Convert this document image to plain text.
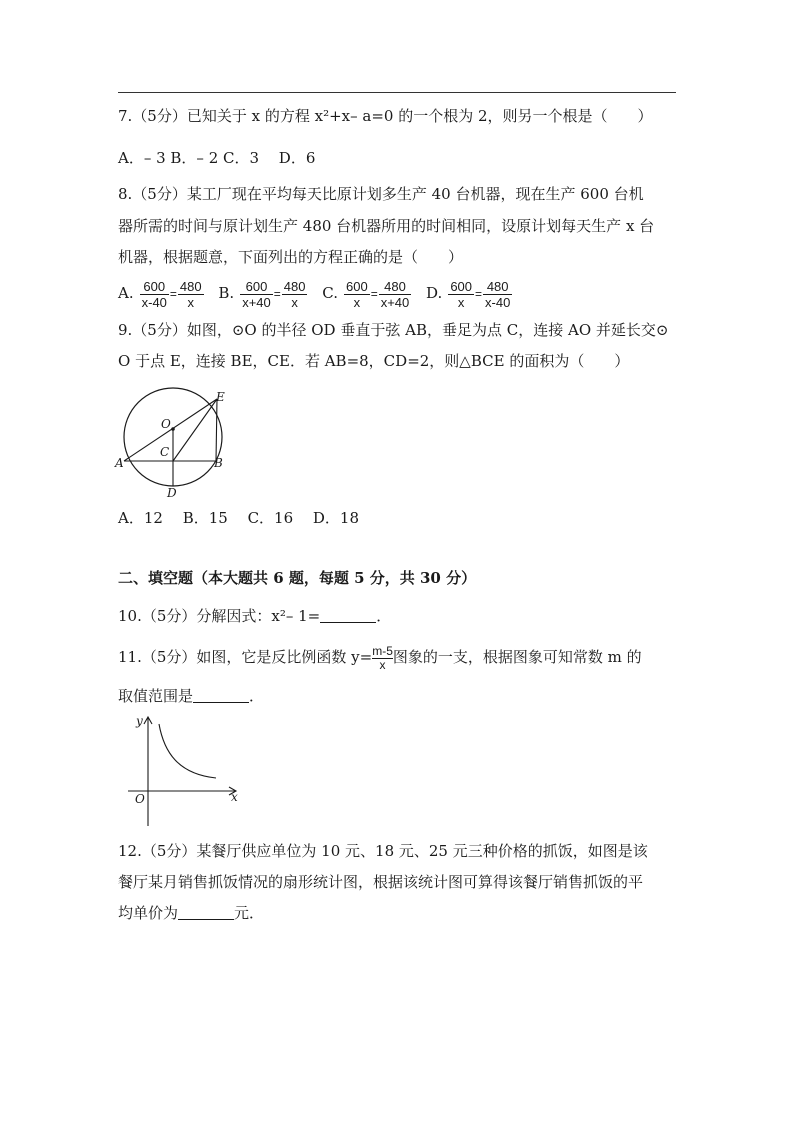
7.（5分）已知关于 x 的方程 x²+x– a=0 的一个根为 2，则另一个根是（　　）
A．– 3 B．– 2 C．3 　D．6
8.（5分）某工厂现在平均每天比原计划多生产 40 台机器，现在生产 600 台机
器所需的时间与原计划生产 480 台机器所用的时间相同，设原计划每天生产 x 台
机器，根据题意，下面列出的方程正确的是（　　）
A. $\frac{600}{x-40} = \frac{480}{x} B$. $\frac{600}{x+40} = \frac{480}{x} C$. $\frac{600}{x} = \frac{480}{x+40} D$. $\frac{600}{x} = \frac{480}{x-40}$
9.（5分）如图，⊙O 的半径 OD 垂直于弦 AB，垂足为点 C，连接 AO 并延长交⊙
O 于点 E，连接 BE，CE．若 AB=8，CD=2，则△BCE 的面积为（　　）
O
C
A	B
D
E
A．12 　B．15 　C．16 　D．18
二、填空题（本大题共 6 题，每题 5 分，共 30 分）
10.（5分）分解因式：x²– 1=	．
11.（5分）如图，它是反比例函数 $y= \frac{m-5}{x}$ 图象的一支，根据图象可知常数 m 的
取值范围是	．
y
x
O
12.（5分）某餐厅供应单位为 10 元、18 元、25 元三种价格的抓饭，如图是该
餐厅某月销售抓饭情况的扇形统计图，根据该统计图可算得该餐厅销售抓饭的平
均单价为	元．
